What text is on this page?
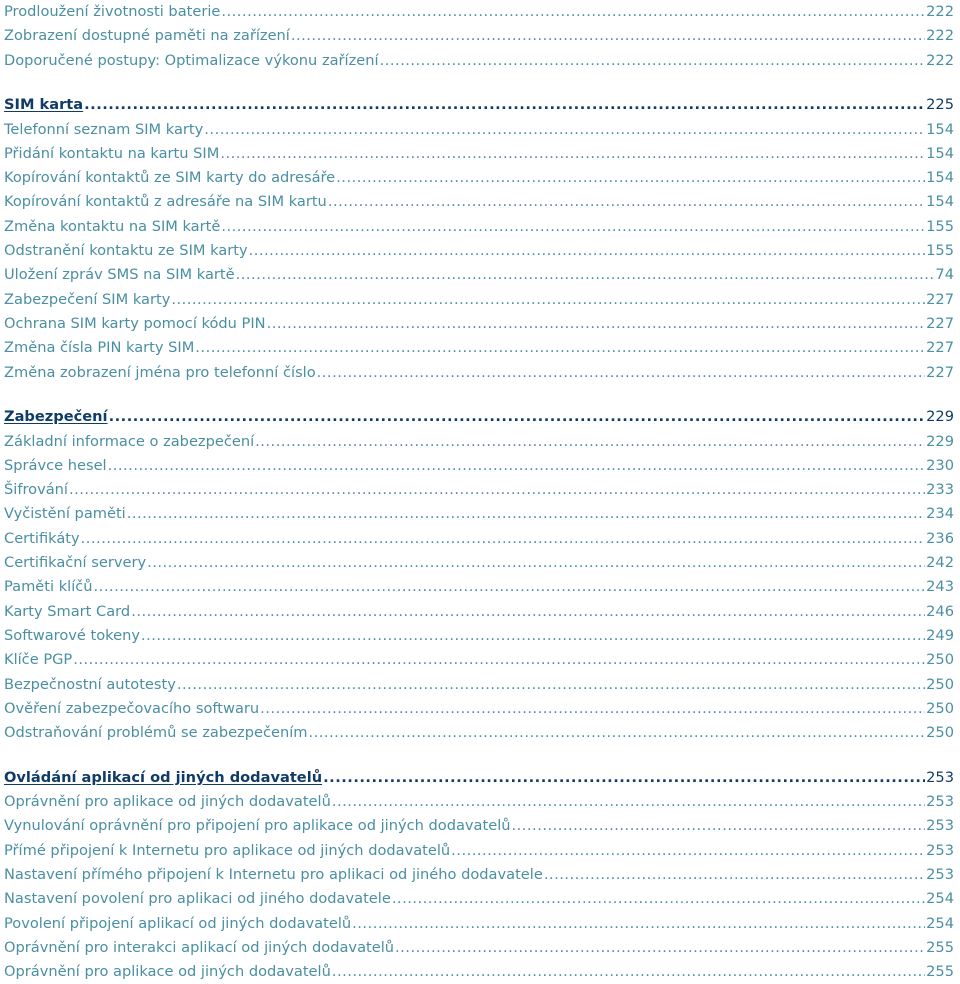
Prodloužení životnosti baterie .....	222
Zobrazení dostupné paměti na zařízení .....	222
Doporučené postupy: Optimalizace výkonu zařízení .....	222
SIM karta .....	225
Telefonní seznam SIM karty .....	154
Přidání kontaktu na kartu SIM .....	154
Kopírování kontaktů ze SIM karty do adresáře .....	154
Kopírování kontaktů z adresáře na SIM kartu .....	154
Změna kontaktu na SIM kartě .....	155
Odstranění kontaktu ze SIM karty .....	155
Uložení zpráv SMS na SIM kartě .....	74
Zabezpečení SIM karty .....	227
Ochrana SIM karty pomocí kódu PIN .....	227
Změna čísla PIN karty SIM .....	227
Změna zobrazení jména pro telefonní číslo .....	227
Zabezpečení .....	229
Základní informace o zabezpečení .....	229
Správce hesel .....	230
Šifrování .....	233
Vyčistění paměti .....	234
Certifikáty .....	236
Certifikační servery .....	242
Paměti klíčů .....	243
Karty Smart Card .....	246
Softwarové tokeny .....	249
Klíče PGP .....	250
Bezpečnostní autotesty .....	250
Ověření zabezpečovacího softwaru .....	250
Odstraňování problémů se zabezpečením .....	250
Ovládání aplikací od jiných dodavatelů .....	253
Oprávnění pro aplikace od jiných dodavatelů .....	253
Vynulování oprávnění pro připojení pro aplikace od jiných dodavatelů .....	253
Přímé připojení k Internetu pro aplikace od jiných dodavatelů .....	253
Nastavení přímého připojení k Internetu pro aplikaci od jiného dodavatele .....	253
Nastavení povolení pro aplikaci od jiného dodavatele .....	254
Povolení připojení aplikací od jiných dodavatelů .....	254
Oprávnění pro interakci aplikací od jiných dodavatelů .....	255
Oprávnění pro aplikace od jiných dodavatelů .....	255
